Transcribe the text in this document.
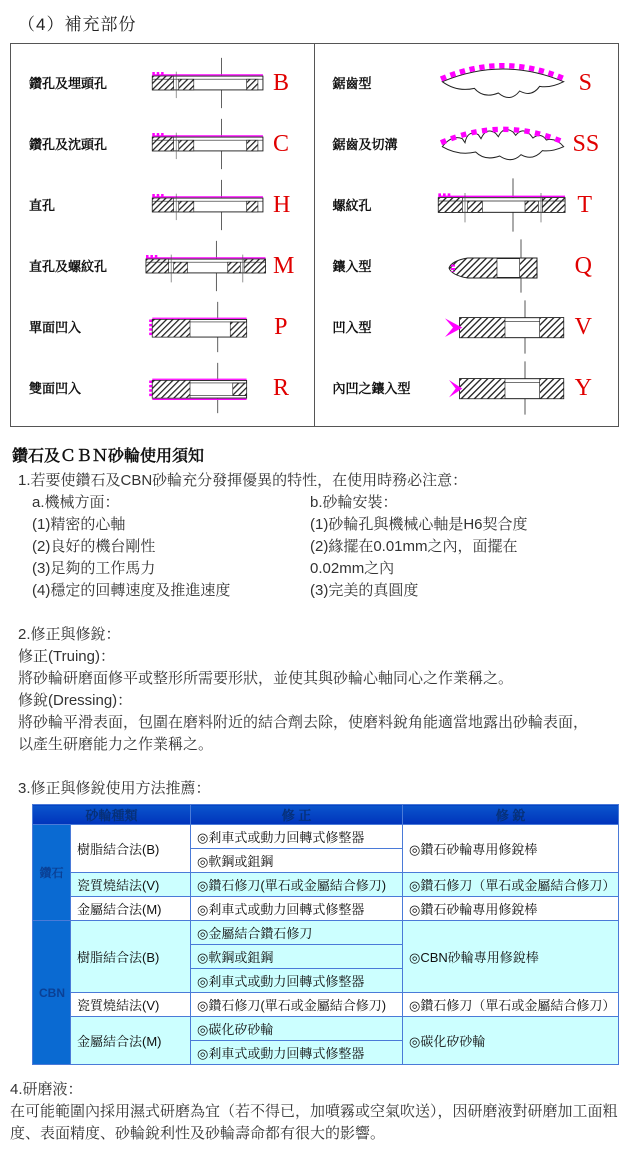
（4）補充部份
鑽孔及埋頭孔	B
鑽孔及沈頭孔	C
直孔	H
直孔及螺紋孔	M
單面凹入	P
雙面凹入	R
鋸齒型	S
鋸齒及切溝	SS
螺紋孔	T
鑲入型	Q
凹入型	V
內凹之鑲入型	Y
鑽石及ＣＢＮ砂輪使用須知
1.若要使鑽石及CBN砂輪充分發揮優異的特性，在使用時務必注意：
a.機械方面：
(1)精密的心軸
(2)良好的機台剛性
(3)足夠的工作馬力
(4)穩定的回轉速度及推進速度
b.砂輪安裝：
(1)砂輪孔與機械心軸是H6契合度
(2)緣擺在0.01mm之內，面擺在
0.02mm之內
(3)完美的真圓度
2.修正與修銳：
修正(Truing)：
將砂輪研磨面修平或整形所需要形狀，並使其與砂輪心軸同心之作業稱之。
修銳(Dressing)：
將砂輪平滑表面，包圍在磨料附近的結合劑去除，使磨料銳角能適當地露出砂輪表面，
以產生研磨能力之作業稱之。
3.修正與修銳使用方法推薦：
砂輪種類		修 正	修 銳
鑽石	樹脂結合法(B)	◎剎車式或動力回轉式修整器	◎鑽石砂輪專用修銳棒
		◎軟鋼或鉏鋼	
	瓷質燒結法(V)	◎鑽石修刀(單石或金屬結合修刀)	◎鑽石修刀（單石或金屬結合修刀）
	金屬結合法(M)	◎剎車式或動力回轉式修整器	◎鑽石砂輪專用修銳棒
CBN	樹脂結合法(B)	◎金屬結合鑽石修刀	◎CBN砂輪專用修銳棒
		◎軟鋼或鉏鋼	
		◎剎車式或動力回轉式修整器	
	瓷質燒結法(V)	◎鑽石修刀(單石或金屬結合修刀)	◎鑽石修刀（單石或金屬結合修刀）
	金屬結合法(M)	◎碳化矽砂輪	◎碳化矽砂輪
		◎剎車式或動力回轉式修整器	
4.研磨液：
在可能範圍內採用濕式研磨為宜（若不得已，加噴霧或空氣吹送），因研磨液對研磨加工面粗度、表面精度、砂輪銳利性及砂輪壽命都有很大的影響。
